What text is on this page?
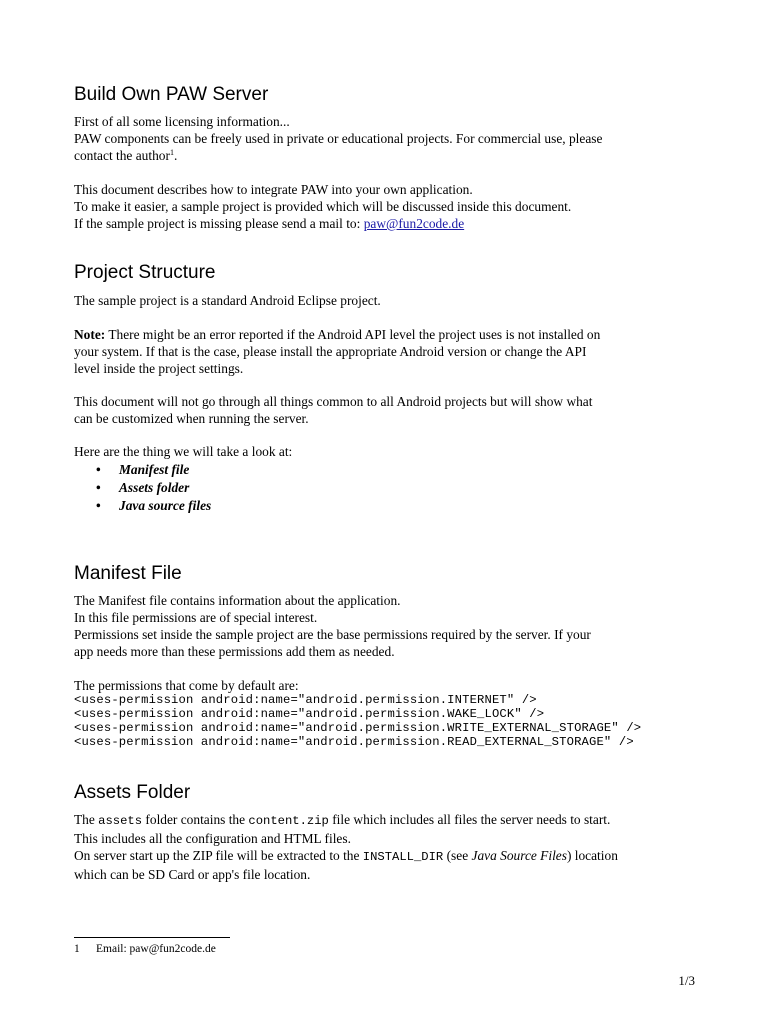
Build Own PAW Server
First of all some licensing information...
PAW components can be freely used in private or educational projects. For commercial use, please
contact the author$^1$.
This document describes how to integrate PAW into your own application.
To make it easier, a sample project is provided which will be discussed inside this document.
If the sample project is missing please send a mail to: paw@fun2code.de
Project Structure
The sample project is a standard Android Eclipse project.
Note: There might be an error reported if the Android API level the project uses is not installed on
your system. If that is the case, please install the appropriate Android version or change the API
level inside the project settings.
This document will not go through all things common to all Android projects but will show what
can be customized when running the server.
Here are the thing we will take a look at:
• Manifest file
• Assets folder
• Java source files
Manifest File
The Manifest file contains information about the application.
In this file permissions are of special interest.
Permissions set inside the sample project are the base permissions required by the server. If your
app needs more than these permissions add them as needed.
The permissions that come by default are:
<uses-permission android:name="android.permission.INTERNET" />
<uses-permission android:name="android.permission.WAKE_LOCK" />
<uses-permission android:name="android.permission.WRITE_EXTERNAL_STORAGE" />
<uses-permission android:name="android.permission.READ_EXTERNAL_STORAGE" />
Assets Folder
The assets folder contains the content.zip file which includes all files the server needs to start.
This includes all the configuration and HTML files.
On server start up the ZIP file will be extracted to the INSTALL_DIR (see Java Source Files) location
which can be SD Card or app's file location.
1 Email: paw@fun2code.de
1/3
